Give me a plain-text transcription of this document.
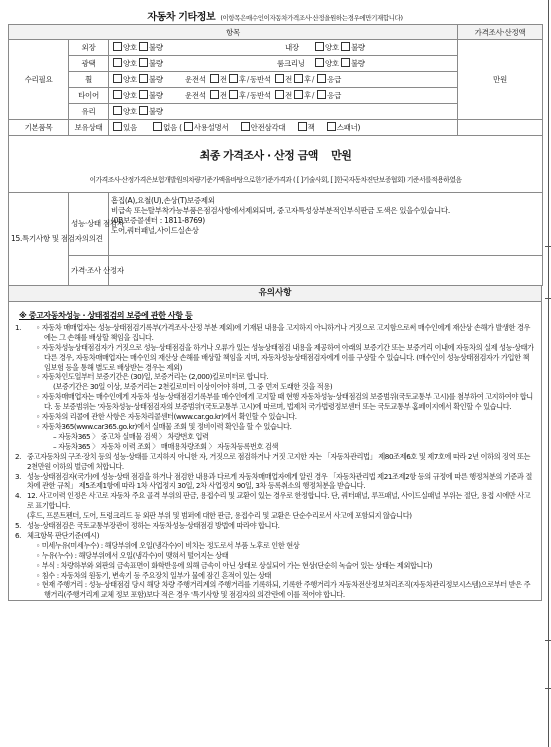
자동차 기타정보 (이항목은매수인이자동차가격조사·산정을원하는경우에만기재합니다)
항목			가격조사·산정액
수리필요	외장	양호 불량 내장 양호 불량	만원
	광택	양호 불량 룸크리닝 양호 불량	
	휠	양호 불량 운전석 전 후/동반석 전 후/ 응급	
	타이어	양호 불량 운전석 전 후/동반석 전 후/ 응급	
	유리	양호 불량	
기본품목	보유상태	있음 없음 ( 사용설명서 안전삼각대 잭 스패너)	

최종 가격조사 · 산정 금액 만원
이가격조사·산정가격은보험개발원의차량기준가액을바탕으로한기준가격과 ( [ ]기술사회, [ ]한국자동차진단보증협회) 기준서를적용하였음			

15.특기사항 및 점검자의의견	성능·상태 점검자	흠집(A),요철(U),손상(T)보증제외
비급속 또는탈부착가능부품은점검사항에서제외되며, 중고자특성상부분적인부식판금 도색은 있을수있습니다.
(0B보증콜센터 : 1811-8769)
도어,쿼터패널,사이드실손상	

	가격·조사 산정자		
유의사항
※ 중고자동차성능 · 상태점검의 보증에 관한 사항 등
1.	◦ 자동차 매매업자는 성능·상태점검기록부(가격조사·산정 부분 제외)에 기재된 내용을 고지하지 아니하거나 거짓으로 고지함으로써 매수인에게 재산상 손해가 발생한 경우에는 그 손해를 배상할 책임을 집니다.
◦ 자동차성능상태점검자가 거짓으로 성능·상태점검을 하거나 오류가 있는 성능상태점검 내용을 제공하여 아래의 보증기간 또는 보증거리 이내에 자동차의 실제 성능·상태가 다른 경우, 자동차매매업자는 매수인의 재산상 손해를 배상할 책임을 지며, 자동차성능상태점검자에게 이를 구상할 수 있습니다. (매수인이 성능상태점검자가 가입한 책임보험 등을 통해 별도로 배상받는 경우는 제외)
◦ 자동차인도일부터 보증기간은 (30)일, 보증거리는 (2,000)킬로미터로 합니다.
(보증기간은 30일 이상, 보증거리는 2천킬로미터 이상이어야 하며, 그 중 먼저 도래한 것을 적용)
◦ 자동차매매업자는 매수인에게 자동차 성능·상태점검기록부를 매수인에게 고지할 때 현행 자동차성능·상태점검의 보증범위(국토교통부 고시)를 첨부하여 고지하여야 합니다. 동 보증범위는 '자동차성능·상태점검자의 보증범위'(국토교통부 고시)에 따르며, 법제처 국가법령정보센터 또는 국토교통부 홈페이지에서 확인할 수 있습니다.
◦ 자동차의 리콜에 관한 사항은 자동차리콜센터(www.car.go.kr)에서 확인할 수 있습니다.
◦ 자동차365(www.car365.go.kr)에서 실매물 조회 및 정비이력 확인을 할 수 있습니다.
– 자동차365 〉 중고차 실매물 검색 〉 차량번호 입력
– 자동차365 〉 자동차 이력 조회 〉 매매용차량조회 〉 자동차등록번호 검색
2. 중고자동차의 구조·장치 등의 성능·상태를 고지하지 아니한 자, 거짓으로 점검하거나 거짓 고지한 자는 「자동차관리법」 제80조제6호 및 제7호에 따라 2년 이하의 징역 또는 2천만원 이하의 벌금에 처합니다.
3. 성능·상태점검자(국가)에 성능·상태 점검을 하거나 점검한 내용과 다르게 자동차매매업자에게 알린 경우 「자동차관리법 제21조제2항 등의 규정에 따른 행정처분의 기준과 절차에 관한 규칙」 제5조제1항에 따라 1차 사업정지 30일, 2차 사업정지 90일, 3차 등록취소의 행정처분을 받습니다.
4. 12. 사고이력 인정은 사고로 자동차 주요 골격 부위의 판금, 용접수리 및 교환이 있는 경우로 한정합니다. 단, 쿼터패널, 루프패널, 사이드실패널 부위는 절단, 용접 시에만 사고로 표기합니다.
(후드, 프론트펜더, 도어, 트렁크리드 등 외판 부위 및 범퍼에 대한 판금, 용접수리 및 교환은 단순수리로서 사고에 포함되지 않습니다)
5. 성능·상태점검은 국토교통부장관이 정하는 자동차성능·상태점검 방법에 따라야 합니다.
6. 체크항목 판단기준(예시)
◦ 미세누유(미세누수) : 해당부위에 오일(냉각수)이 비치는 정도로서 부품 노후로 인한 현상
◦ 누유(누수) : 해당부위에서 오일(냉각수)이 맺혀서 떨어지는 상태
◦ 부식 : 차량하부와 외판의 금속표면이 화학반응에 의해 금속이 아닌 상태로 상실되어 가는 현상(단순히 녹슬어 있는 상태는 제외합니다)
◦ 침수 : 자동차의 원동기, 변속기 등 주요장치 일부가 물에 잠긴 흔적이 있는 상태
◦ 현재 주행거리 : 성능·상태점검 당시 해당 차량 주행거리계의 주행거리를 기록하되, 기록한 주행거리가 자동차전산정보처리조직(자동차관리정보시스템)으로부터 받은 주행거리(주행거리계 교체 정보 포함)보다 적은 경우 '특기사항 및 점검자의 의견'란에 이를 적어야 합니다.
